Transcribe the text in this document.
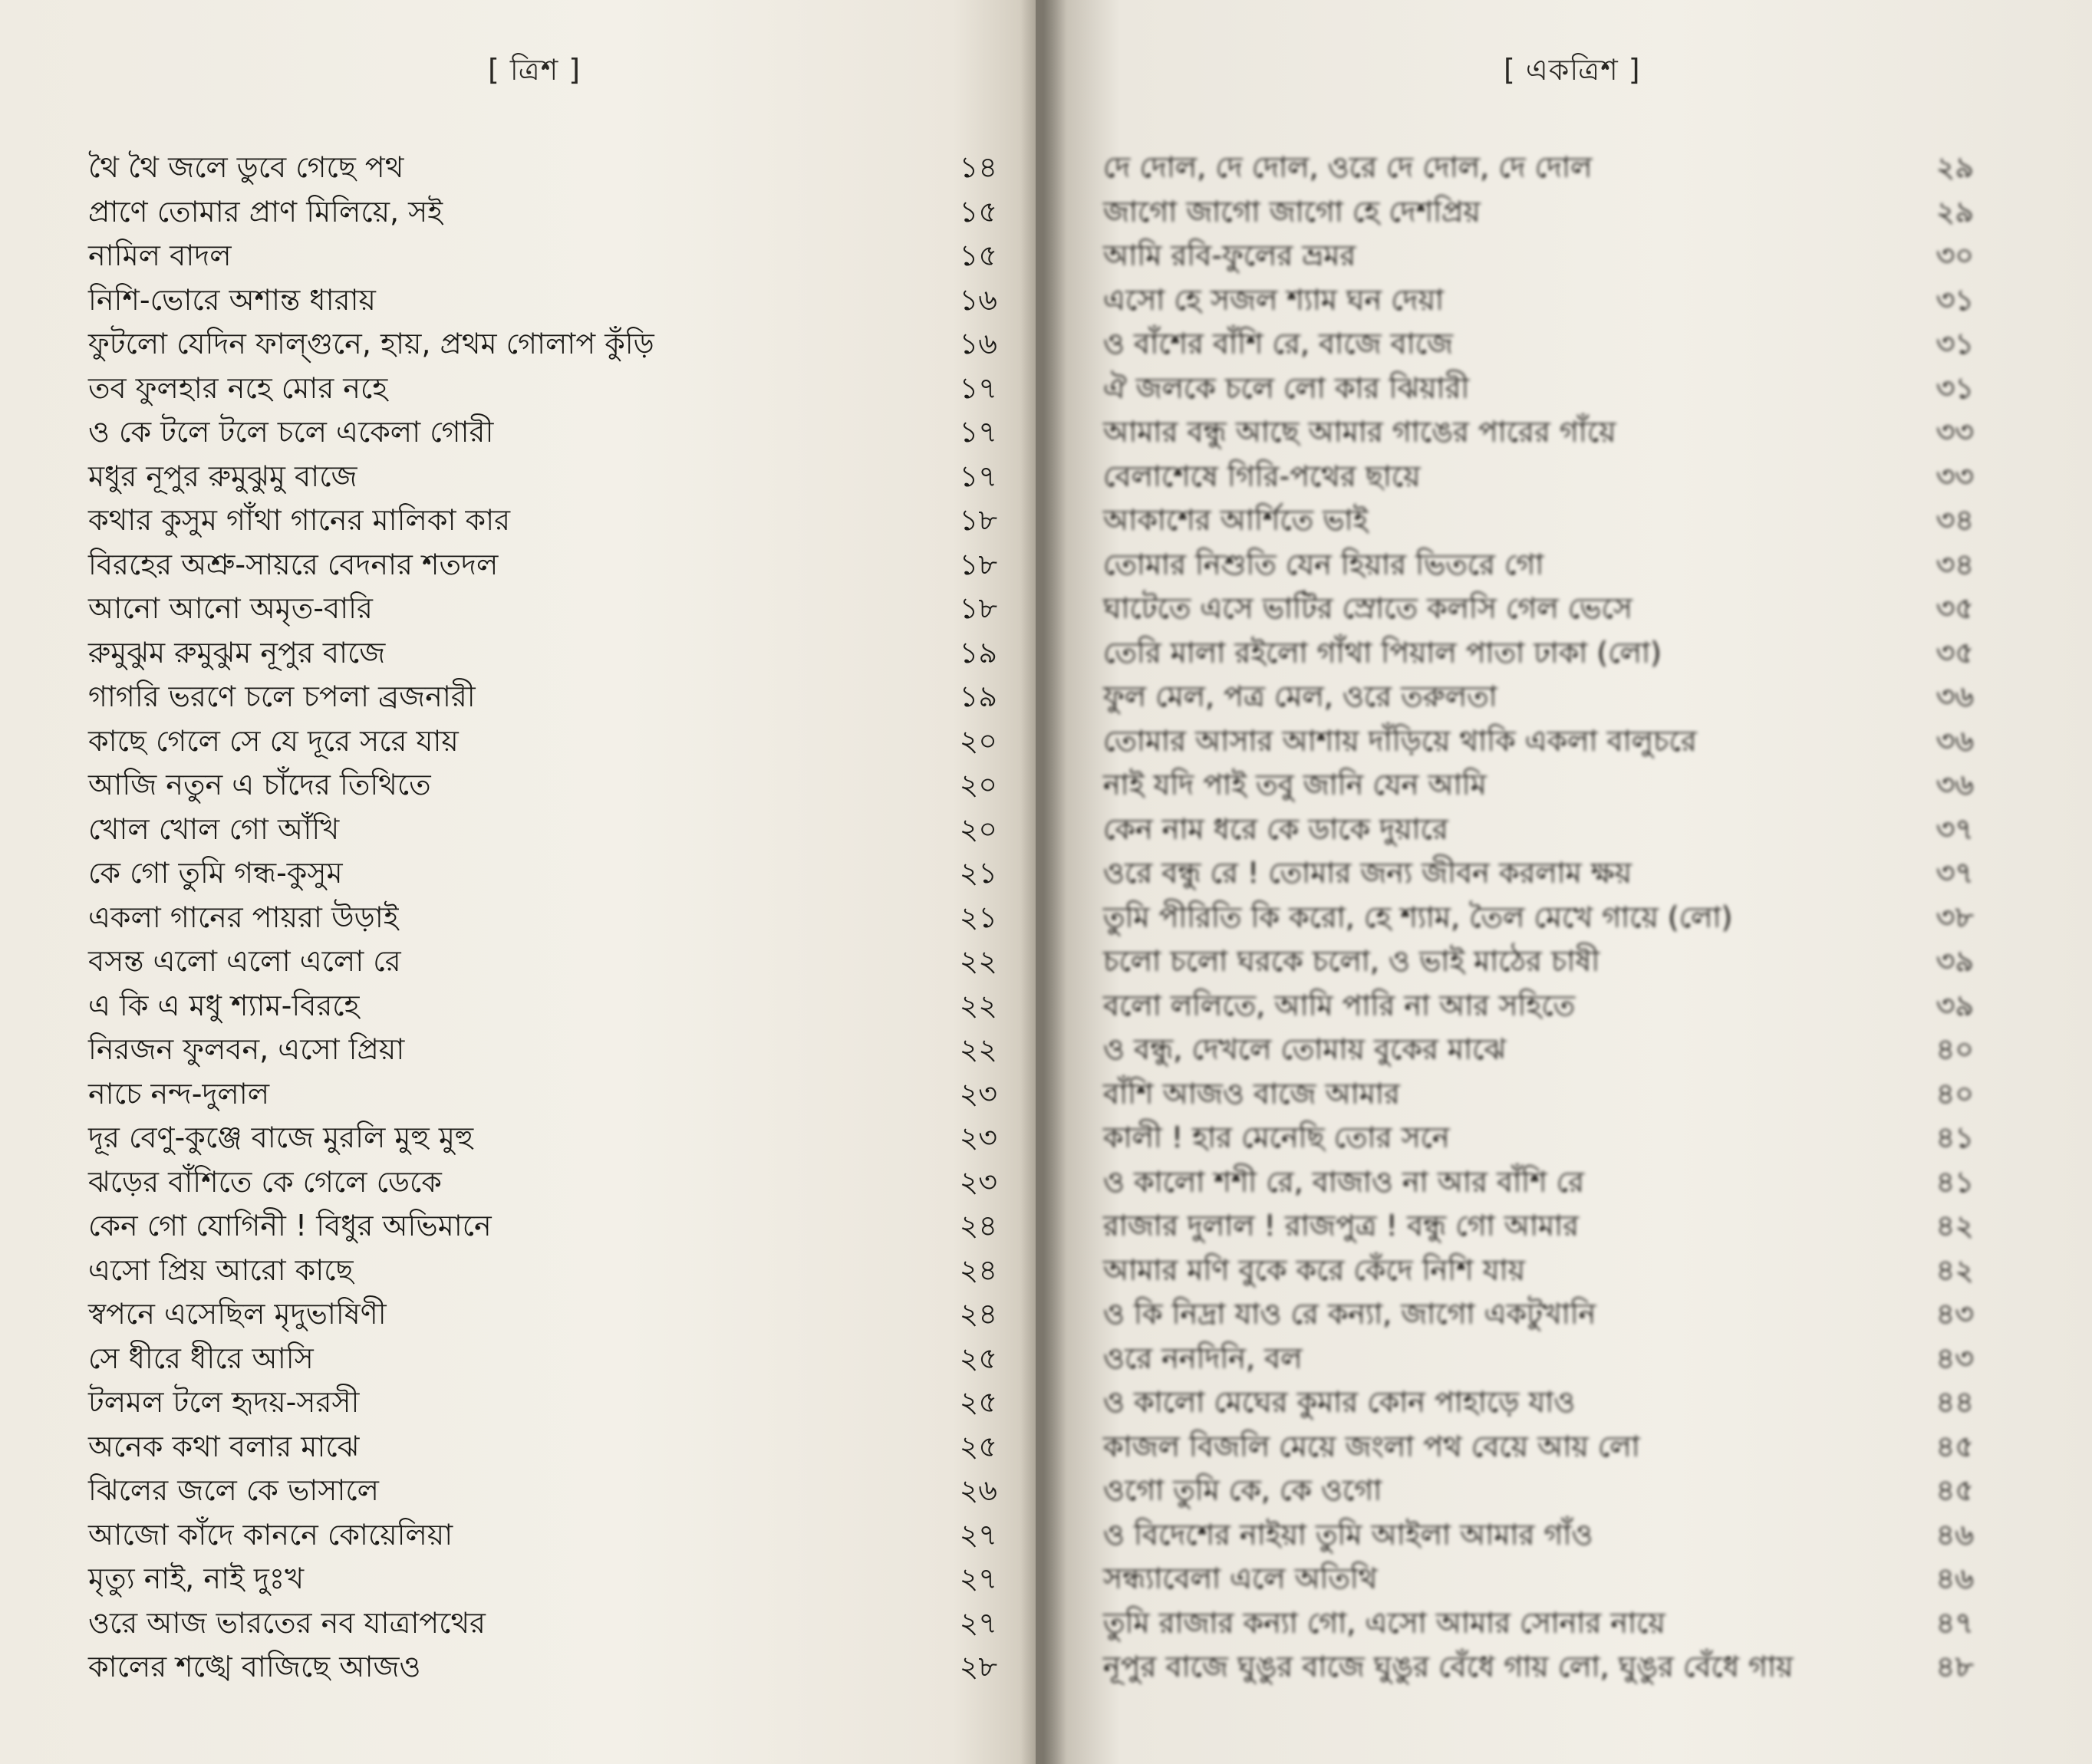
[ ত্রিশ ]
থৈ থৈ জলে ডুবে গেছে পথ	১৪
প্রাণে তোমার প্রাণ মিলিয়ে, সই	১৫
নামিল বাদল	১৫
নিশি-ভোরে অশান্ত ধারায়	১৬
ফুটলো যেদিন ফাল্গুনে, হায়, প্রথম গোলাপ কুঁড়ি	১৬
তব ফুলহার নহে মোর নহে	১৭
ও কে টলে টলে চলে একেলা গোরী	১৭
মধুর নূপুর রুমুঝুমু বাজে	১৭
কথার কুসুম গাঁথা গানের মালিকা কার	১৮
বিরহের অশ্রু-সায়রে বেদনার শতদল	১৮
আনো আনো অমৃত-বারি	১৮
রুমুঝুম রুমুঝুম নূপুর বাজে	১৯
গাগরি ভরণে চলে চপলা ব্রজনারী	১৯
কাছে গেলে সে যে দূরে সরে যায়	২০
আজি নতুন এ চাঁদের তিথিতে	২০
খোল খোল গো আঁখি	২০
কে গো তুমি গন্ধ-কুসুম	২১
একলা গানের পায়রা উড়াই	২১
বসন্ত এলো এলো এলো রে	২২
এ কি এ মধু শ্যাম-বিরহে	২২
নিরজন ফুলবন, এসো প্রিয়া	২২
নাচে নন্দ-দুলাল	২৩
দূর বেণু-কুঞ্জে বাজে মুরলি মুহু মুহু	২৩
ঝড়ের বাঁশিতে কে গেলে ডেকে	২৩
কেন গো যোগিনী ! বিধুর অভিমানে	২৪
এসো প্রিয় আরো কাছে	২৪
স্বপনে এসেছিল মৃদুভাষিণী	২৪
সে ধীরে ধীরে আসি	২৫
টলমল টলে হৃদয়-সরসী	২৫
অনেক কথা বলার মাঝে	২৫
ঝিলের জলে কে ভাসালে	২৬
আজো কাঁদে কাননে কোয়েলিয়া	২৭
মৃত্যু নাই, নাই দুঃখ	২৭
ওরে আজ ভারতের নব যাত্রাপথের	২৭
কালের শঙ্খে বাজিছে আজও	২৮
[ একত্রিশ ]
দে দোল, দে দোল, ওরে দে দোল, দে দোল	২৯
জাগো জাগো জাগো হে দেশপ্রিয়	২৯
আমি রবি-ফুলের ভ্রমর	৩০
এসো হে সজল শ্যাম ঘন দেয়া	৩১
ও বাঁশের বাঁশি রে, বাজে বাজে	৩১
ঐ জলকে চলে লো কার ঝিয়ারী	৩১
আমার বন্ধু আছে আমার গাঙের পারের গাঁয়ে	৩৩
বেলাশেষে গিরি-পথের ছায়ে	৩৩
আকাশের আর্শিতে ভাই	৩৪
তোমার নিশুতি যেন হিয়ার ভিতরে গো	৩৪
ঘাটেতে এসে ভাটির স্রোতে কলসি গেল ভেসে	৩৫
তেরি মালা রইলো গাঁথা পিয়াল পাতা ঢাকা (লো)	৩৫
ফুল মেল, পত্র মেল, ওরে তরুলতা	৩৬
তোমার আসার আশায় দাঁড়িয়ে থাকি একলা বালুচরে	৩৬
নাই যদি পাই তবু জানি যেন আমি	৩৬
কেন নাম ধরে কে ডাকে দুয়ারে	৩৭
ওরে বন্ধু রে ! তোমার জন্য জীবন করলাম ক্ষয়	৩৭
তুমি পীরিতি কি করো, হে শ্যাম, তৈল মেখে গায়ে (লো)	৩৮
চলো চলো ঘরকে চলো, ও ভাই মাঠের চাষী	৩৯
বলো ললিতে, আমি পারি না আর সহিতে	৩৯
ও বন্ধু, দেখলে তোমায় বুকের মাঝে	৪০
বাঁশি আজও বাজে আমার	৪০
কালী ! হার মেনেছি তোর সনে	৪১
ও কালো শশী রে, বাজাও না আর বাঁশি রে	৪১
রাজার দুলাল ! রাজপুত্র ! বন্ধু গো আমার	৪২
আমার মণি বুকে করে কেঁদে নিশি যায়	৪২
ও কি নিদ্রা যাও রে কন্যা, জাগো একটুখানি	৪৩
ওরে ননদিনি, বল	৪৩
ও কালো মেঘের কুমার কোন পাহাড়ে যাও	৪৪
কাজল বিজলি মেয়ে জংলা পথ বেয়ে আয় লো	৪৫
ওগো তুমি কে, কে ওগো	৪৫
ও বিদেশের নাইয়া তুমি আইলা আমার গাঁও	৪৬
সন্ধ্যাবেলা এলে অতিথি	৪৬
তুমি রাজার কন্যা গো, এসো আমার সোনার নায়ে	৪৭
নূপুর বাজে ঘুঙুর বাজে ঘুঙুর বেঁধে গায় লো, ঘুঙুর বেঁধে গায়	৪৮
